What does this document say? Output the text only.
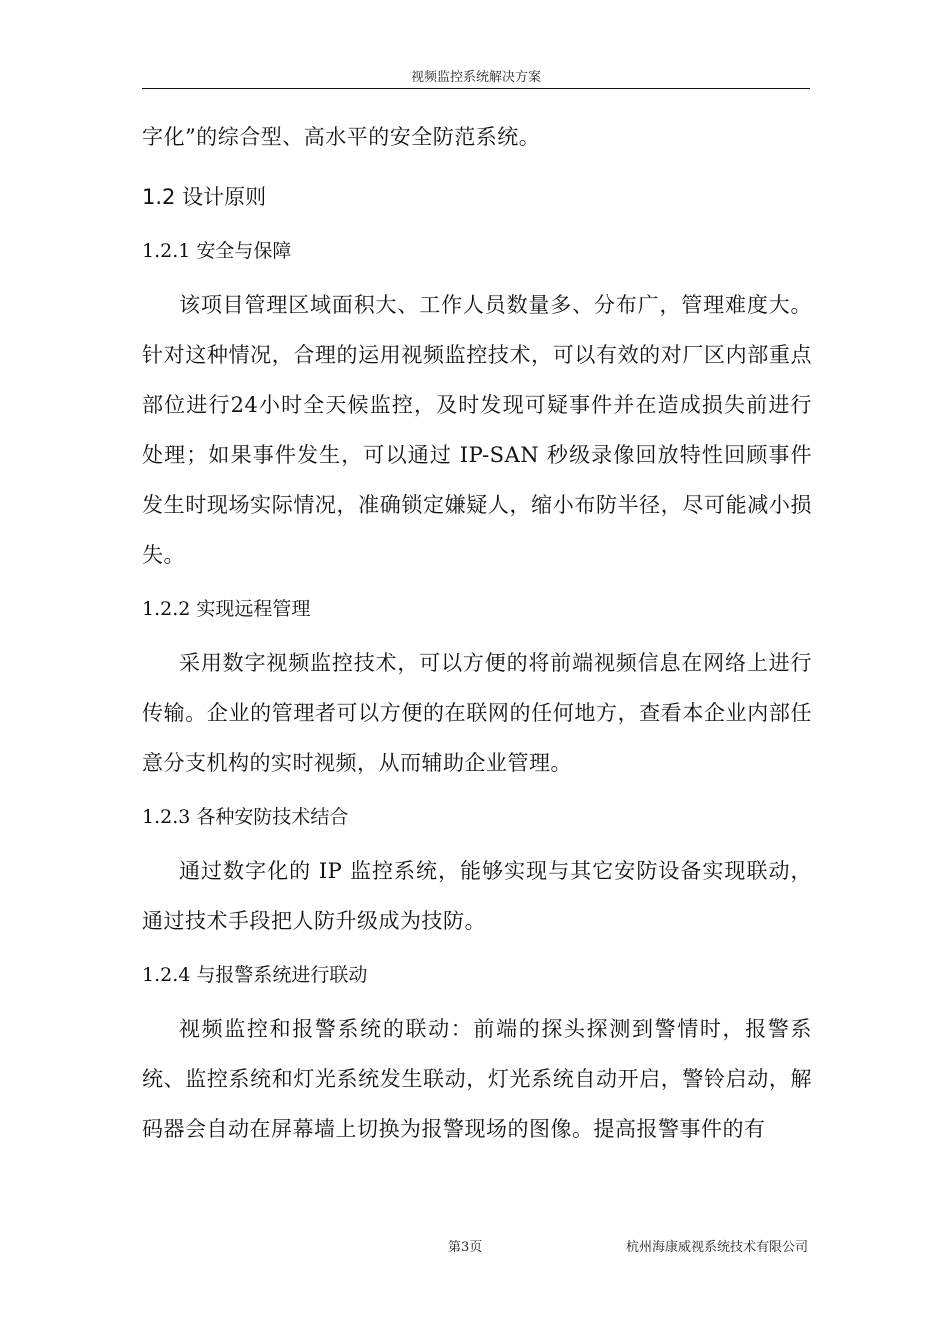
视频监控系统解决方案

字化”的综合型、高水平的安全防范系统。

1.2 设计原则
1.2.1 安全与保障

该项目管理区域面积大、工作人员数量多、分布广，管理难度大。针对这种情况，合理的运用视频监控技术，可以有效的对厂区内部重点部位进行24小时全天候监控，及时发现可疑事件并在造成损失前进行处理；如果事件发生，可以通过 IP-SAN 秒级录像回放特性回顾事件发生时现场实际情况，准确锁定嫌疑人，缩小布防半径，尽可能减小损失。

1.2.2 实现远程管理

采用数字视频监控技术，可以方便的将前端视频信息在网络上进行传输。企业的管理者可以方便的在联网的任何地方，查看本企业内部任意分支机构的实时视频，从而辅助企业管理。

1.2.3 各种安防技术结合

通过数字化的 IP 监控系统，能够实现与其它安防设备实现联动，通过技术手段把人防升级成为技防。

1.2.4 与报警系统进行联动

视频监控和报警系统的联动：前端的探头探测到警情时，报警系统、监控系统和灯光系统发生联动，灯光系统自动开启，警铃启动，解码器会自动在屏幕墙上切换为报警现场的图像。提高报警事件的有

第3页	杭州海康威视系统技术有限公司
